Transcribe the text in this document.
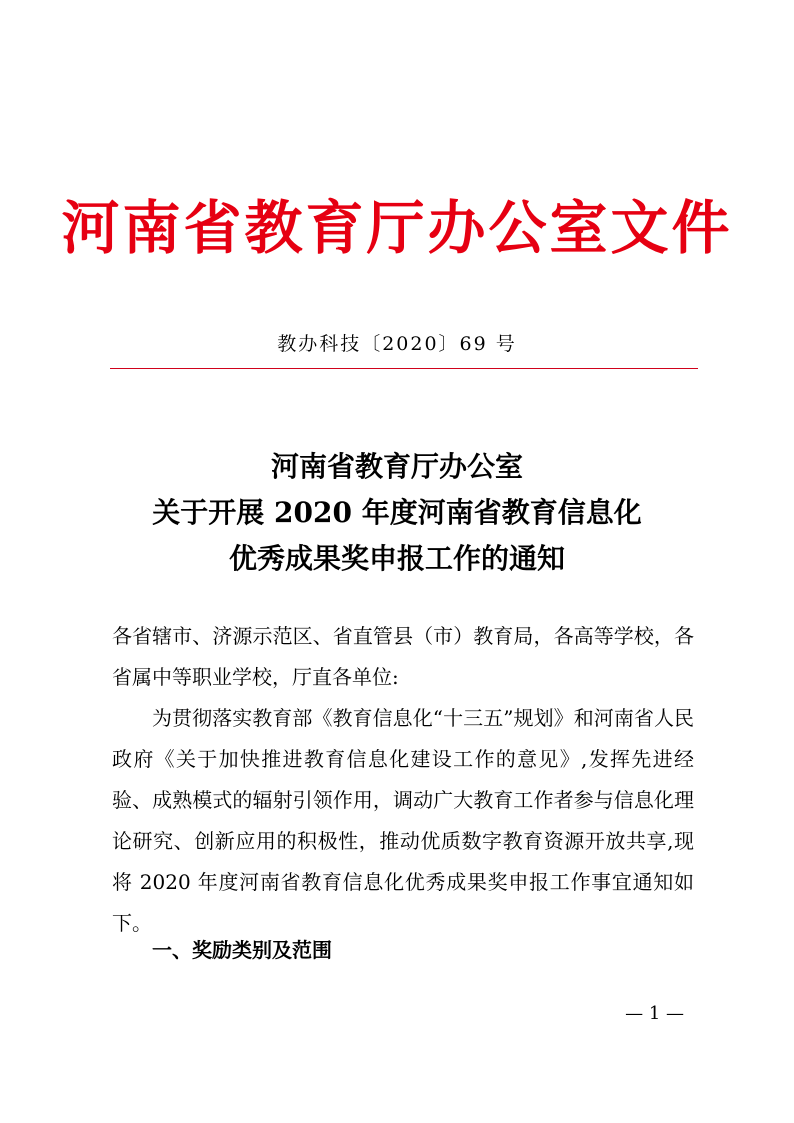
河南省教育厅办公室文件
教办科技〔2020〕69 号
河南省教育厅办公室
关于开展 2020 年度河南省教育信息化
优秀成果奖申报工作的通知

各省辖市、济源示范区、省直管县（市）教育局，各高等学校，各省属中等职业学校，厅直各单位:

为贯彻落实教育部《教育信息化“十三五”规划》和河南省人民政府《关于加快推进教育信息化建设工作的意见》,发挥先进经验、成熟模式的辐射引领作用，调动广大教育工作者参与信息化理论研究、创新应用的积极性，推动优质数字教育资源开放共享,现将 2020 年度河南省教育信息化优秀成果奖申报工作事宜通知如下。

一、奖励类别及范围
— 1 —
